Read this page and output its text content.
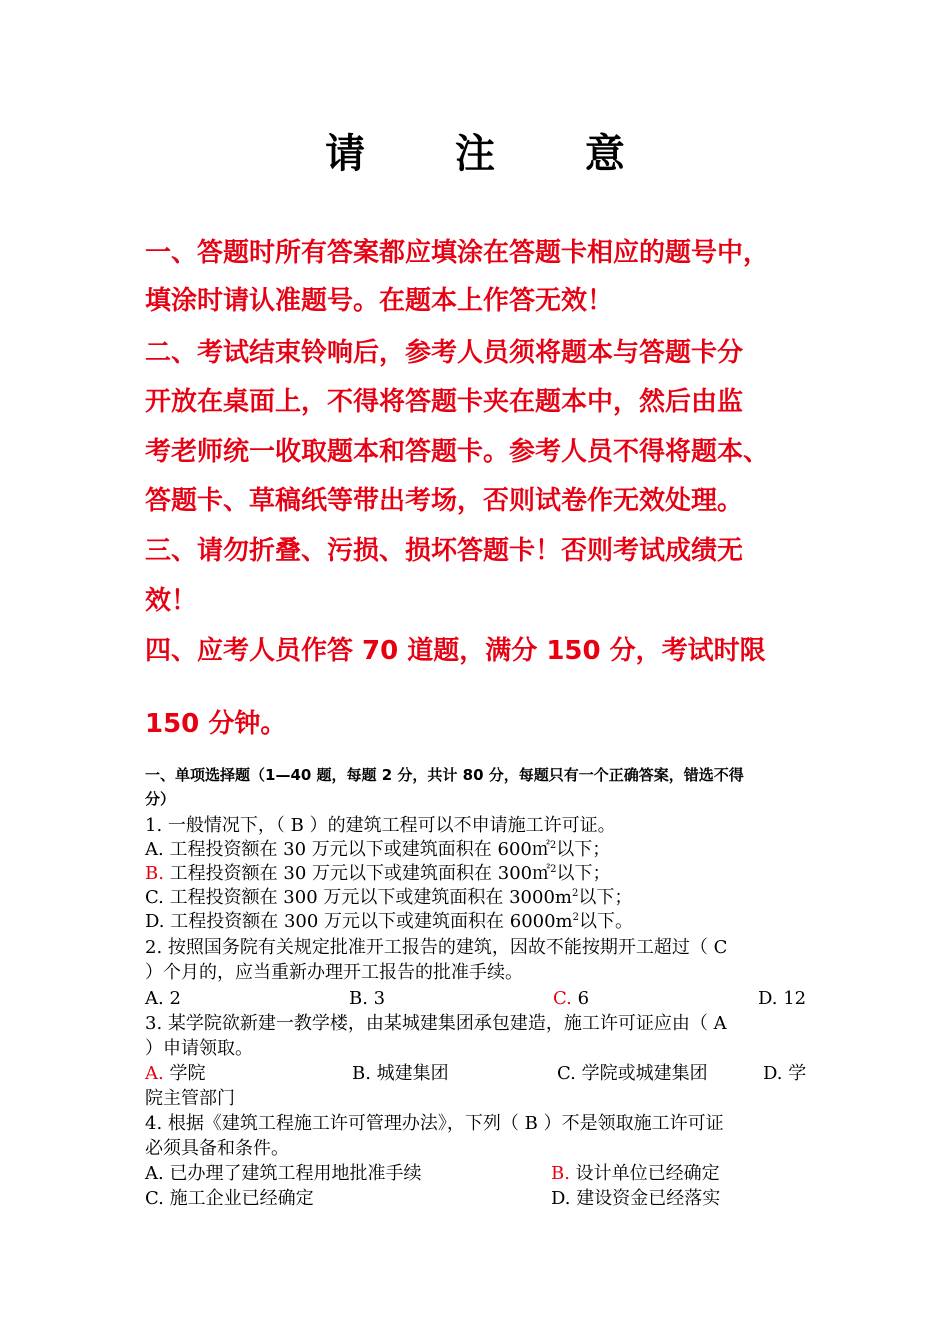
请 注 意
一、答题时所有答案都应填涂在答题卡相应的题号中，
填涂时请认准题号。在题本上作答无效！
二、考试结束铃响后，参考人员须将题本与答题卡分
开放在桌面上，不得将答题卡夹在题本中，然后由监
考老师统一收取题本和答题卡。参考人员不得将题本、
答题卡、草稿纸等带出考场，否则试卷作无效处理。
三、请勿折叠、污损、损坏答题卡！否则考试成绩无
效！
四、应考人员作答 70 道题，满分 150 分，考试时限
150 分钟。
一、单项选择题（1—40 题，每题 2 分，共计 80 分，每题只有一个正确答案，错选不得
分）
1. 一般情况下，（ B ）的建筑工程可以不申请施工许可证。
A. 工程投资额在 30 万元以下或建筑面积在 600㎡$^2$以下；
B. 工程投资额在 30 万元以下或建筑面积在 300㎡$^2$以下；
C. 工程投资额在 300 万元以下或建筑面积在 $3000m^2$以下；
D. 工程投资额在 300 万元以下或建筑面积在 $6000m^2$以下。
2. 按照国务院有关规定批准开工报告的建筑，因故不能按期开工超过（ C
）个月的，应当重新办理开工报告的批准手续。
A. 2	B. 3	C. 6	D. 12
3. 某学院欲新建一教学楼，由某城建集团承包建造，施工许可证应由（ A
）申请领取。
A. 学院	B. 城建集团	C. 学院或城建集团	D. 学
院主管部门
4. 根据《建筑工程施工许可管理办法》，下列（ B ）不是领取施工许可证
必须具备和条件。
A. 已办理了建筑工程用地批准手续	B. 设计单位已经确定
C. 施工企业已经确定	D. 建设资金已经落实
